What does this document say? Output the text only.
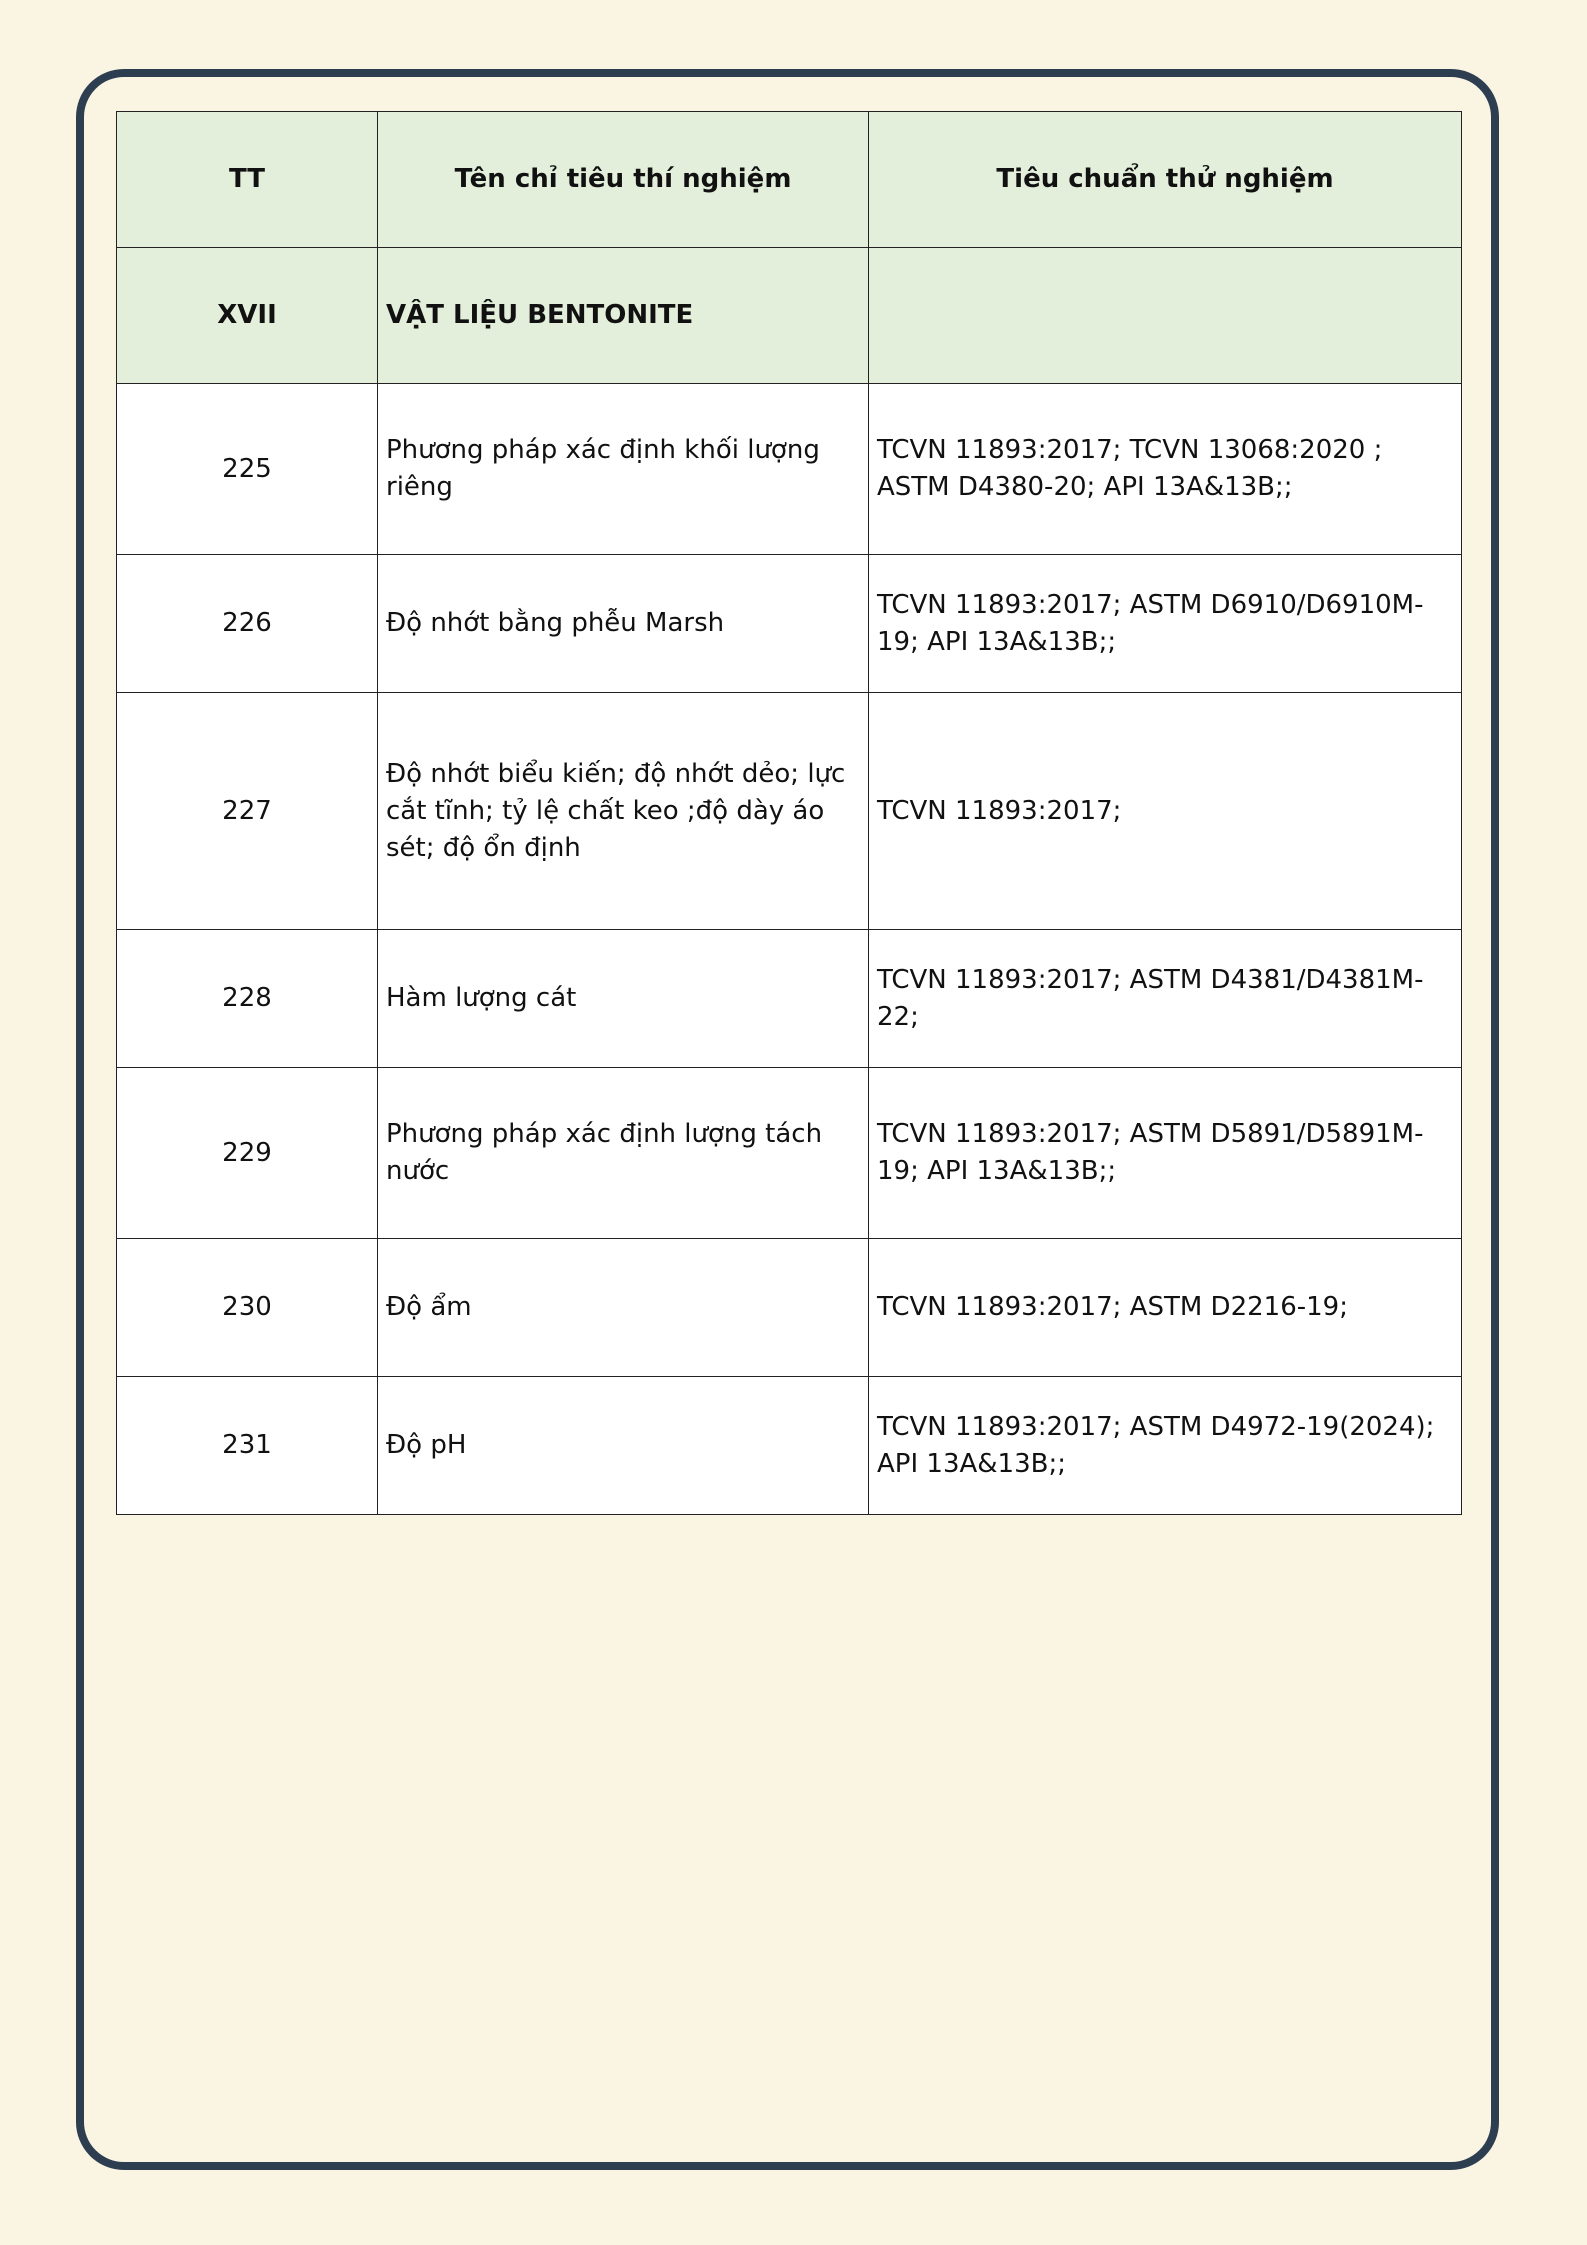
TT	Tên chỉ tiêu thí nghiệm	Tiêu chuẩn thử nghiệm
XVII	VẬT LIỆU BENTONITE	
225	Phương pháp xác định khối lượng riêng	TCVN 11893:2017; TCVN 13068:2020 ; ASTM D4380-20; API 13A&13B;;
226	Độ nhớt bằng phễu Marsh	TCVN 11893:2017; ASTM D6910/D6910M-19; API 13A&13B;;
227	Độ nhớt biểu kiến; độ nhớt dẻo; lực cắt tĩnh; tỷ lệ chất keo ;độ dày áo sét; độ ổn định	TCVN 11893:2017;
228	Hàm lượng cát	TCVN 11893:2017; ASTM D4381/D4381M-22;
229	Phương pháp xác định lượng tách nước	TCVN 11893:2017; ASTM D5891/D5891M-19; API 13A&13B;;
230	Độ ẩm	TCVN 11893:2017; ASTM D2216-19;
231	Độ pH	TCVN 11893:2017; ASTM D4972-19(2024); API 13A&13B;;
